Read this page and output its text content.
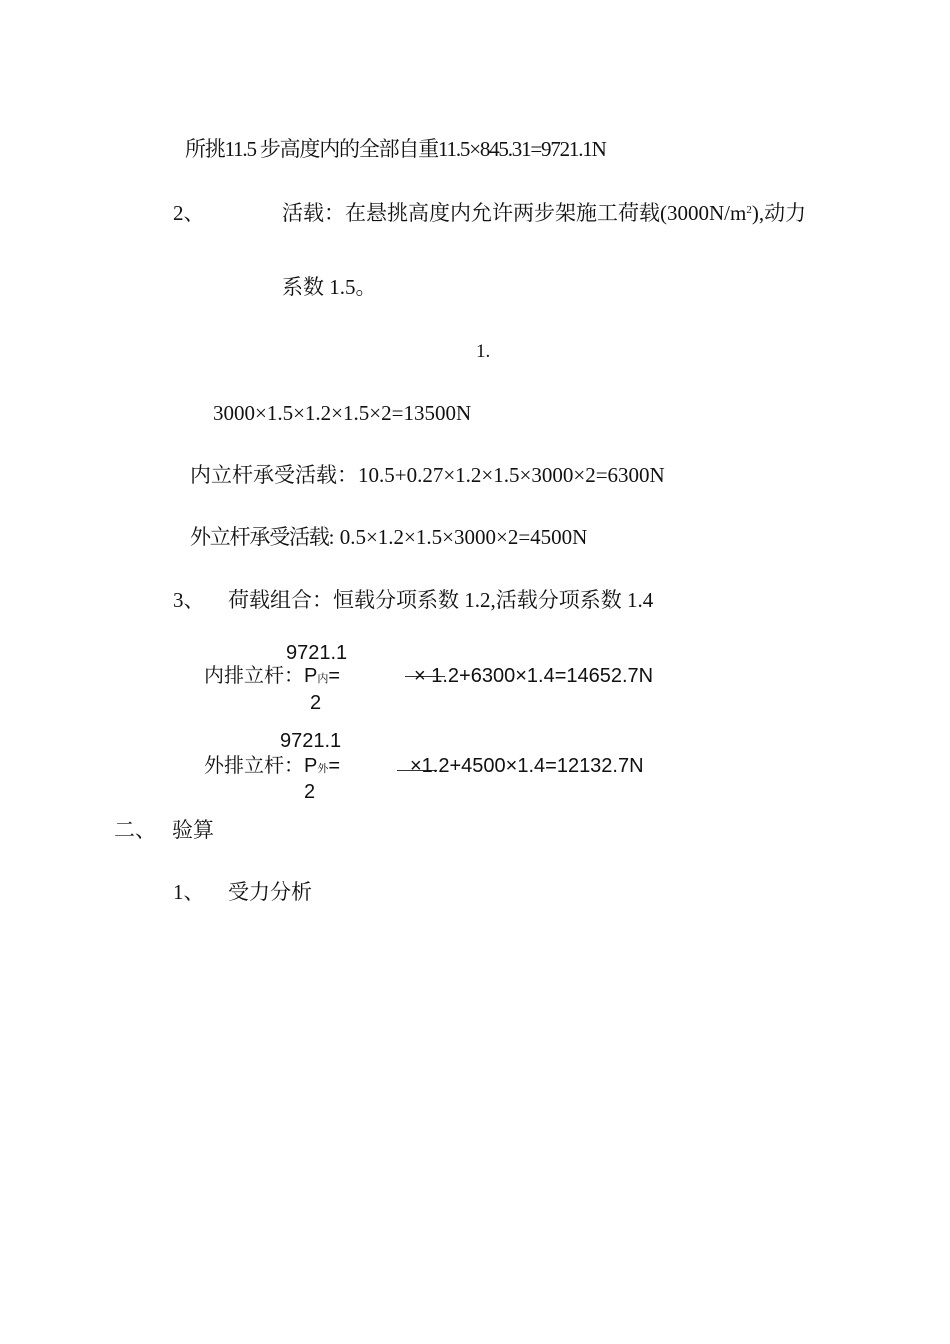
所挑11.5 步高度内的全部自重11.5×845.31=9721.1N
2、	活载：在悬挑高度内允许两步架施工荷载$(3000N/m^2)$,动力
系数 1.5。
1.
3000×1.5×1.2×1.5×2=13500N
内立杆承受活载：10.5+0.27×1.2×1.5×3000×2=6300N
外立杆承受活载: 0.5×1.2×1.5×3000×2=4500N
3、 荷载组合：恒载分项系数 1.2,活载分项系数 1.4
9721.1
内排立杆：P内=	× 1.2+6300×1.4=14652.7N
2
9721.1
外排立杆：P外=	×1.2+4500×1.4=12132.7N
2
二、 验算
1、 受力分析
